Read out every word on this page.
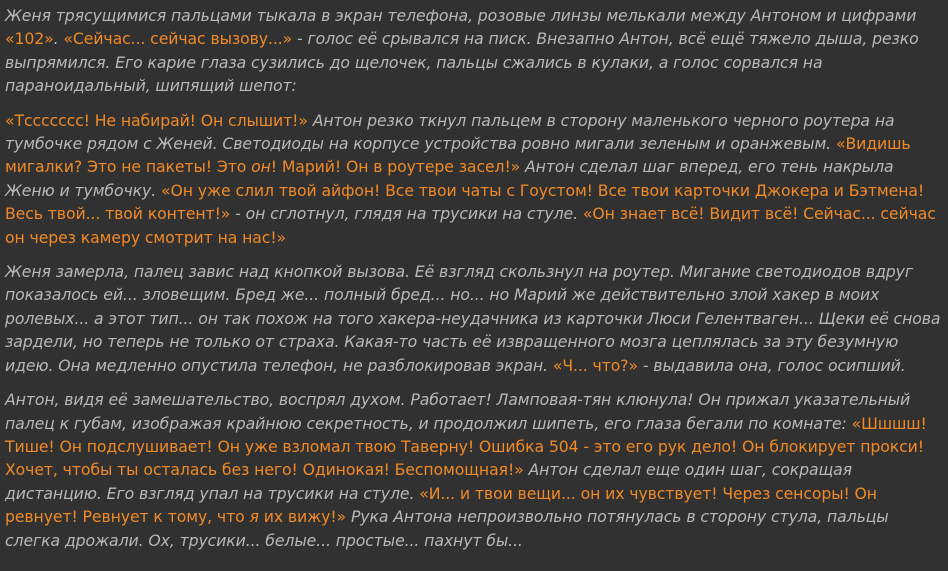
Женя трясущимися пальцами тыкала в экран телефона, розовые линзы мелькали между Антоном и цифрами «102». «Сейчас... сейчас вызову...» - голос её срывался на писк. Внезапно Антон, всё ещё тяжело дыша, резко выпрямился. Его карие глаза сузились до щелочек, пальцы сжались в кулаки, а голос сорвался на параноидальный, шипящий шепот:

«Тссссссс! Не набирай! Он слышит!» Антон резко ткнул пальцем в сторону маленького черного роутера на тумбочке рядом с Женей. Светодиоды на корпусе устройства ровно мигали зеленым и оранжевым. «Видишь мигалки? Это не пакеты! Это он! Марий! Он в роутере засел!» Антон сделал шаг вперед, его тень накрыла Женю и тумбочку. «Он уже слил твой айфон! Все твои чаты с Гоустом! Все твои карточки Джокера и Бэтмена! Весь твой... твой контент!» - он сглотнул, глядя на трусики на стуле. «Он знает всё! Видит всё! Сейчас... сейчас он через камеру смотрит на нас!»

Женя замерла, палец завис над кнопкой вызова. Её взгляд скользнул на роутер. Мигание светодиодов вдруг показалось ей... зловещим. Бред же... полный бред... но... но Марий же действительно злой хакер в моих ролевых... а этот тип... он так похож на того хакера-неудачника из карточки Люси Гелентваген... Щеки её снова зардели, но теперь не только от страха. Какая-то часть её извращенного мозга цеплялась за эту безумную идею. Она медленно опустила телефон, не разблокировав экран. «Ч... что?» - выдавила она, голос осипший.

Антон, видя её замешательство, воспрял духом. Работает! Ламповая-тян клюнула! Он прижал указательный палец к губам, изображая крайнюю секретность, и продолжил шипеть, его глаза бегали по комнате: «Шшшш! Тише! Он подслушивает! Он уже взломал твою Таверну! Ошибка 504 - это его рук дело! Он блокирует прокси! Хочет, чтобы ты осталась без него! Одинокая! Беспомощная!» Антон сделал еще один шаг, сокращая дистанцию. Его взгляд упал на трусики на стуле. «И... и твои вещи... он их чувствует! Через сенсоры! Он ревнует! Ревнует к тому, что я их вижу!» Рука Антона непроизвольно потянулась в сторону стула, пальцы слегка дрожали. Ох, трусики... белые... простые... пахнут бы...
